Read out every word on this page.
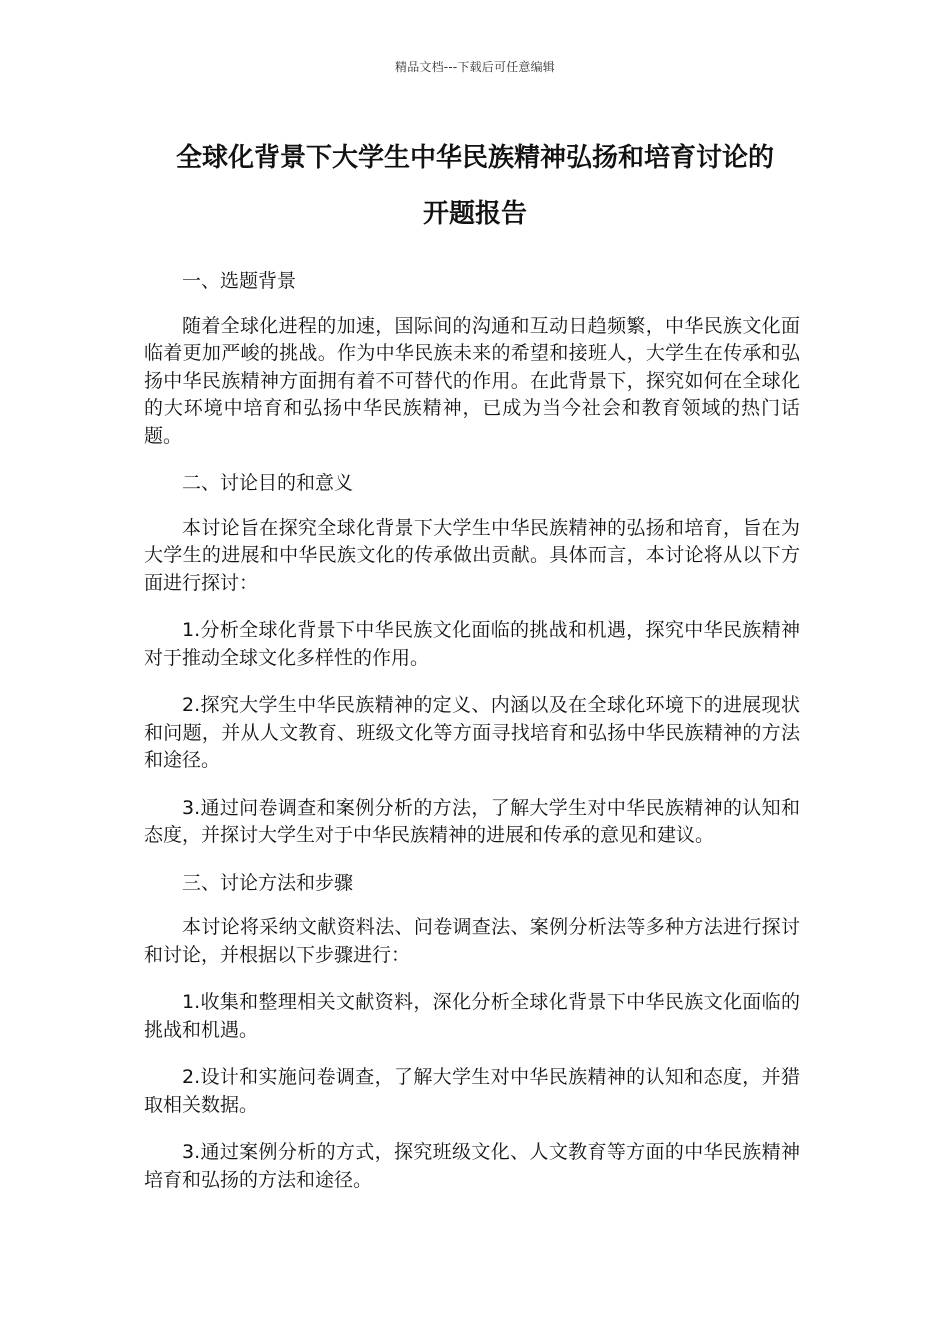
精品文档---下载后可任意编辑
全球化背景下大学生中华民族精神弘扬和培育讨论的
开题报告

一、选题背景

随着全球化进程的加速，国际间的沟通和互动日趋频繁，中华民族文化面临着更加严峻的挑战。作为中华民族未来的希望和接班人，大学生在传承和弘扬中华民族精神方面拥有着不可替代的作用。在此背景下，探究如何在全球化的大环境中培育和弘扬中华民族精神，已成为当今社会和教育领域的热门话题。

二、讨论目的和意义

本讨论旨在探究全球化背景下大学生中华民族精神的弘扬和培育，旨在为大学生的进展和中华民族文化的传承做出贡献。具体而言，本讨论将从以下方面进行探讨：

1.分析全球化背景下中华民族文化面临的挑战和机遇，探究中华民族精神对于推动全球文化多样性的作用。

2.探究大学生中华民族精神的定义、内涵以及在全球化环境下的进展现状和问题，并从人文教育、班级文化等方面寻找培育和弘扬中华民族精神的方法和途径。

3.通过问卷调查和案例分析的方法，了解大学生对中华民族精神的认知和态度，并探讨大学生对于中华民族精神的进展和传承的意见和建议。

三、讨论方法和步骤

本讨论将采纳文献资料法、问卷调查法、案例分析法等多种方法进行探讨和讨论，并根据以下步骤进行：

1.收集和整理相关文献资料，深化分析全球化背景下中华民族文化面临的挑战和机遇。

2.设计和实施问卷调查，了解大学生对中华民族精神的认知和态度，并猎取相关数据。

3.通过案例分析的方式，探究班级文化、人文教育等方面的中华民族精神培育和弘扬的方法和途径。
